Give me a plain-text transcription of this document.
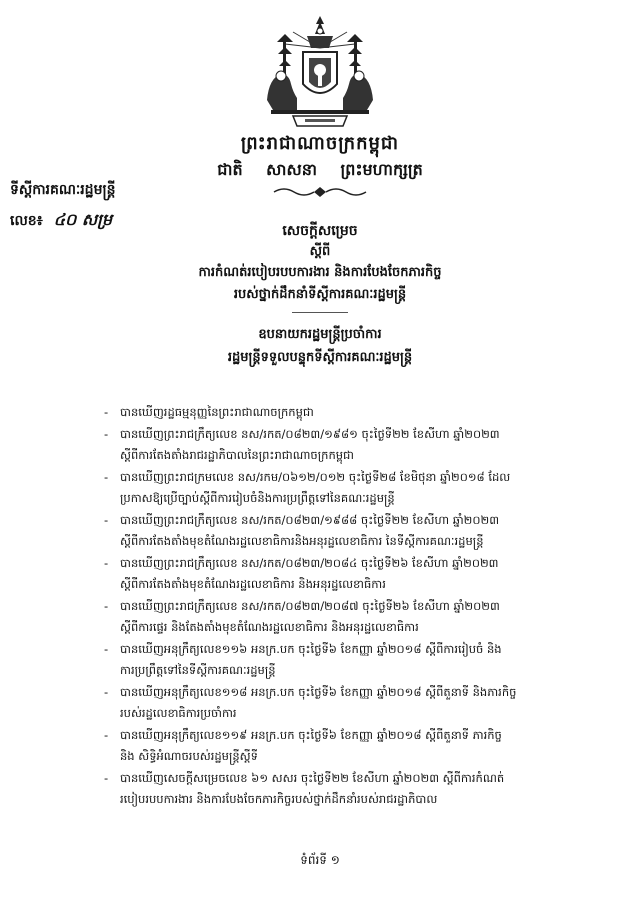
ព្រះរាជាណាចក្រកម្ពុជា
ជាតិ សាសនា ព្រះមហាក្សត្រ
ទីស្ដីការគណៈរដ្ឋមន្ត្រី
លេខ៖ ៤០ សម្រ
សេចក្ដីសម្រេច
ស្ដីពី
ការកំណត់របៀបរបបការងារ និងការបែងចែកភារកិច្ច
របស់ថ្នាក់ដឹកនាំទីស្ដីការគណៈរដ្ឋមន្ត្រី
ឧបនាយករដ្ឋមន្ត្រីប្រចាំការ
រដ្ឋមន្ត្រីទទួលបន្ទុកទីស្ដីការគណៈរដ្ឋមន្ត្រី
- បានឃើញរដ្ឋធម្មនុញ្ញនៃព្រះរាជាណាចក្រកម្ពុជា
- បានឃើញព្រះរាជក្រឹត្យលេខ នស/រកត/០៨២៣/១៩៨១ ចុះថ្ងៃទី២២ ខែសីហា ឆ្នាំ២០២៣
ស្ដីពីការតែងតាំងរាជរដ្ឋាភិបាលនៃព្រះរាជាណាចក្រកម្ពុជា
- បានឃើញព្រះរាជក្រមលេខ នស/រកម/០៦១២/០១២ ចុះថ្ងៃទី២៨ ខែមិថុនា ឆ្នាំ២០១៨ ដែល
ប្រកាសឱ្យប្រើច្បាប់ស្ដីពីការរៀបចំនិងការប្រព្រឹត្តទៅនៃគណៈរដ្ឋមន្ត្រី
- បានឃើញព្រះរាជក្រឹត្យលេខ នស/រកត/០៨២៣/១៩៨៨ ចុះថ្ងៃទី២២ ខែសីហា ឆ្នាំ២០២៣
ស្ដីពីការតែងតាំងមុខតំណែងរដ្ឋលេខាធិការនិងអនុរដ្ឋលេខាធិការ នៃទីស្ដីការគណៈរដ្ឋមន្ត្រី
- បានឃើញព្រះរាជក្រឹត្យលេខ នស/រកត/០៨២៣/២០៨៤ ចុះថ្ងៃទី២៦ ខែសីហា ឆ្នាំ២០២៣
ស្ដីពីការតែងតាំងមុខតំណែងរដ្ឋលេខាធិការ និងអនុរដ្ឋលេខាធិការ
- បានឃើញព្រះរាជក្រឹត្យលេខ នស/រកត/០៨២៣/២០៨៧ ចុះថ្ងៃទី២៦ ខែសីហា ឆ្នាំ២០២៣
ស្ដីពីការផ្ទេរ និងតែងតាំងមុខតំណែងរដ្ឋលេខាធិការ និងអនុរដ្ឋលេខាធិការ
- បានឃើញអនុក្រឹត្យលេខ១១៦ អនក្រ.បក ចុះថ្ងៃទី៦ ខែកញ្ញា ឆ្នាំ២០១៨ ស្ដីពីការរៀបចំ និង
ការប្រព្រឹត្តទៅនៃទីស្ដីការគណៈរដ្ឋមន្ត្រី
- បានឃើញអនុក្រឹត្យលេខ១១៨ អនក្រ.បក ចុះថ្ងៃទី៦ ខែកញ្ញា ឆ្នាំ២០១៨ ស្ដីពីតួនាទី និងភារកិច្ច
របស់រដ្ឋលេខាធិការប្រចាំការ
- បានឃើញអនុក្រឹត្យលេខ១១៩ អនក្រ.បក ចុះថ្ងៃទី៦ ខែកញ្ញា ឆ្នាំ២០១៨ ស្ដីពីតួនាទី ភារកិច្ច
និង សិទ្ធិអំណាចរបស់រដ្ឋមន្ត្រីស្ដីទី
- បានឃើញសេចក្ដីសម្រេចលេខ ៦១ សសរ ចុះថ្ងៃទី២២ ខែសីហា ឆ្នាំ២០២៣ ស្ដីពីការកំណត់
របៀបរបបការងារ និងការបែងចែកភារកិច្ចរបស់ថ្នាក់ដឹកនាំរបស់រាជរដ្ឋាភិបាល
ទំព័រទី ១
